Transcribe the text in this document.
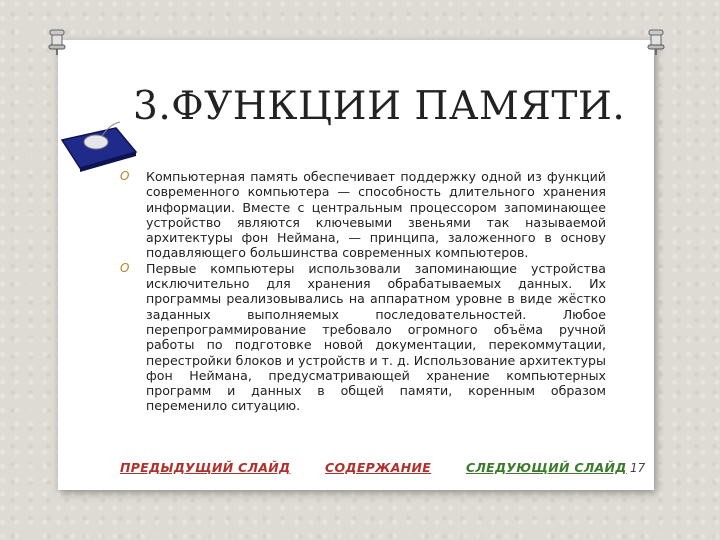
3.ФУНКЦИИ ПАМЯТИ.

O Компьютерная память обеспечивает поддержку одной из функций современного компьютера — способность длительного хранения информации. Вместе с центральным процессором запоминающее устройство являются ключевыми звеньями так называемой архитектуры фон Неймана, — принципа, заложенного в основу подавляющего большинства современных компьютеров.

O Первые компьютеры использовали запоминающие устройства исключительно для хранения обрабатываемых данных. Их программы реализовывались на аппаратном уровне в виде жёстко заданных выполняемых последовательностей. Любое перепрограммирование требовало огромного объёма ручной работы по подготовке новой документации, перекоммутации, перестройки блоков и устройств и т. д. Использование архитектуры фон Неймана, предусматривающей хранение компьютерных программ и данных в общей памяти, коренным образом переменило ситуацию.

ПРЕДЫДУЩИЙ СЛАЙД	СОДЕРЖАНИЕ	СЛЕДУЮЩИЙ СЛАЙД 17
